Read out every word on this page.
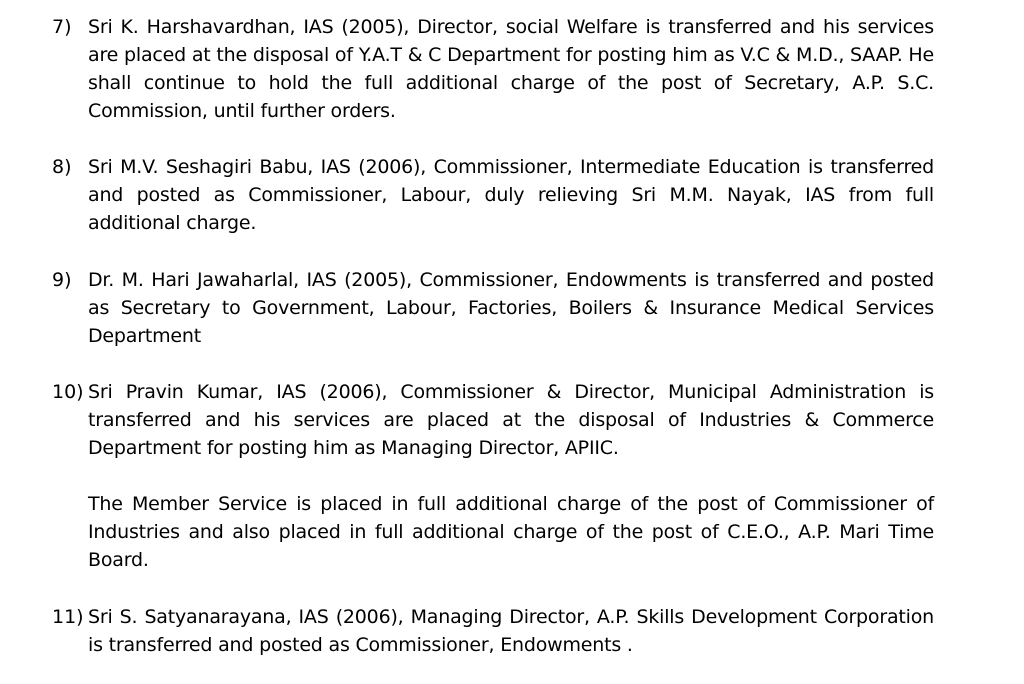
7) Sri K. Harshavardhan, IAS (2005), Director, social Welfare is transferred and his services are placed at the disposal of Y.A.T & C Department for posting him as V.C & M.D., SAAP. He shall continue to hold the full additional charge of the post of Secretary, A.P. S.C. Commission, until further orders.
8) Sri M.V. Seshagiri Babu, IAS (2006), Commissioner, Intermediate Education is transferred and posted as Commissioner, Labour, duly relieving Sri M.M. Nayak, IAS from full additional charge.
9) Dr. M. Hari Jawaharlal, IAS (2005), Commissioner, Endowments is transferred and posted as Secretary to Government, Labour, Factories, Boilers & Insurance Medical Services Department
10) Sri Pravin Kumar, IAS (2006), Commissioner & Director, Municipal Administration is transferred and his services are placed at the disposal of Industries & Commerce Department for posting him as Managing Director, APIIC.
The Member Service is placed in full additional charge of the post of Commissioner of Industries and also placed in full additional charge of the post of C.E.O., A.P. Mari Time Board.
11) Sri S. Satyanarayana, IAS (2006), Managing Director, A.P. Skills Development Corporation is transferred and posted as Commissioner, Endowments .
